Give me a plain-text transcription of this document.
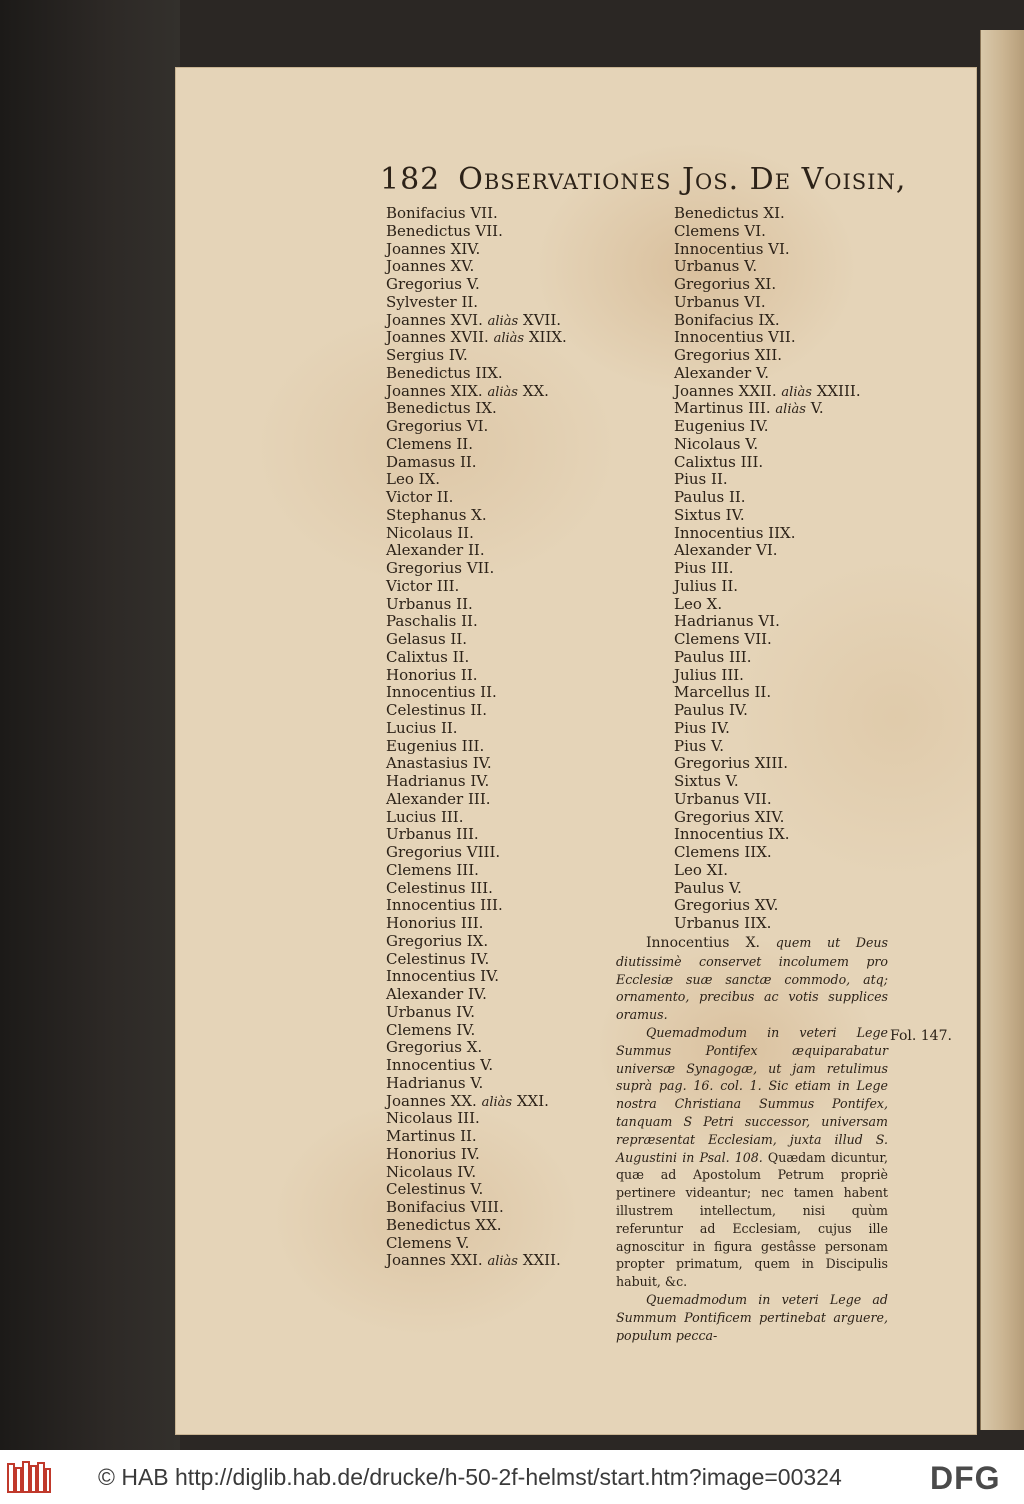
182 Observationes Jos. De Voisin,
Bonifacius VII.
Benedictus VII.
Joannes XIV.
Joannes XV.
Gregorius V.
Sylvester II.
Joannes XVI. aliàs XVII.
Joannes XVII. aliàs XIIX.
Sergius IV.
Benedictus IIX.
Joannes XIX. aliàs XX.
Benedictus IX.
Gregorius VI.
Clemens II.
Damasus II.
Leo IX.
Victor II.
Stephanus X.
Nicolaus II.
Alexander II.
Gregorius VII.
Victor III.
Urbanus II.
Paschalis II.
Gelasus II.
Calixtus II.
Honorius II.
Innocentius II.
Celestinus II.
Lucius II.
Eugenius III.
Anastasius IV.
Hadrianus IV.
Alexander III.
Lucius III.
Urbanus III.
Gregorius VIII.
Clemens III.
Celestinus III.
Innocentius III.
Honorius III.
Gregorius IX.
Celestinus IV.
Innocentius IV.
Alexander IV.
Urbanus IV.
Clemens IV.
Gregorius X.
Innocentius V.
Hadrianus V.
Joannes XX. aliàs XXI.
Nicolaus III.
Martinus II.
Honorius IV.
Nicolaus IV.
Celestinus V.
Bonifacius VIII.
Benedictus XX.
Clemens V.
Joannes XXI. aliàs XXII.
Benedictus XI.
Clemens VI.
Innocentius VI.
Urbanus V.
Gregorius XI.
Urbanus VI.
Bonifacius IX.
Innocentius VII.
Gregorius XII.
Alexander V.
Joannes XXII. aliàs XXIII.
Martinus III. aliàs V.
Eugenius IV.
Nicolaus V.
Calixtus III.
Pius II.
Paulus II.
Sixtus IV.
Innocentius IIX.
Alexander VI.
Pius III.
Julius II.
Leo X.
Hadrianus VI.
Clemens VII.
Paulus III.
Julius III.
Marcellus II.
Paulus IV.
Pius IV.
Pius V.
Gregorius XIII.
Sixtus V.
Urbanus VII.
Gregorius XIV.
Innocentius IX.
Clemens IIX.
Leo XI.
Paulus V.
Gregorius XV.
Urbanus IIX.

Innocentius X. quem ut Deus diutissimè conservet incolumem pro Ecclesiæ suæ sanctæ commodo, atq; ornamento, precibus ac votis supplices oramus.

Quemadmodum in veteri Lege Summus Pontifex æquiparabatur universæ Synagogæ, ut jam retulimus suprà pag. 16. col. 1. Sic etiam in Lege nostra Christiana Summus Pontifex, tanquam S Petri successor, universam repræsentat Ecclesiam, juxta illud S. Augustini in Psal. 108. Quædam dicuntur, quæ ad Apostolum Petrum propriè pertinere videantur; nec tamen habent illustrem intellectum, nisi quùm referuntur ad Ecclesiam, cujus ille agnoscitur in figura gestâsse personam propter primatum, quem in Discipulis habuit, &c.

Quemadmodum in veteri Lege ad Summum Pontificem pertinebat arguere, populum pecca-

Fol. 147.
© HAB http://diglib.hab.de/drucke/h-50-2f-helmst/start.htm?image=00324	DFG
